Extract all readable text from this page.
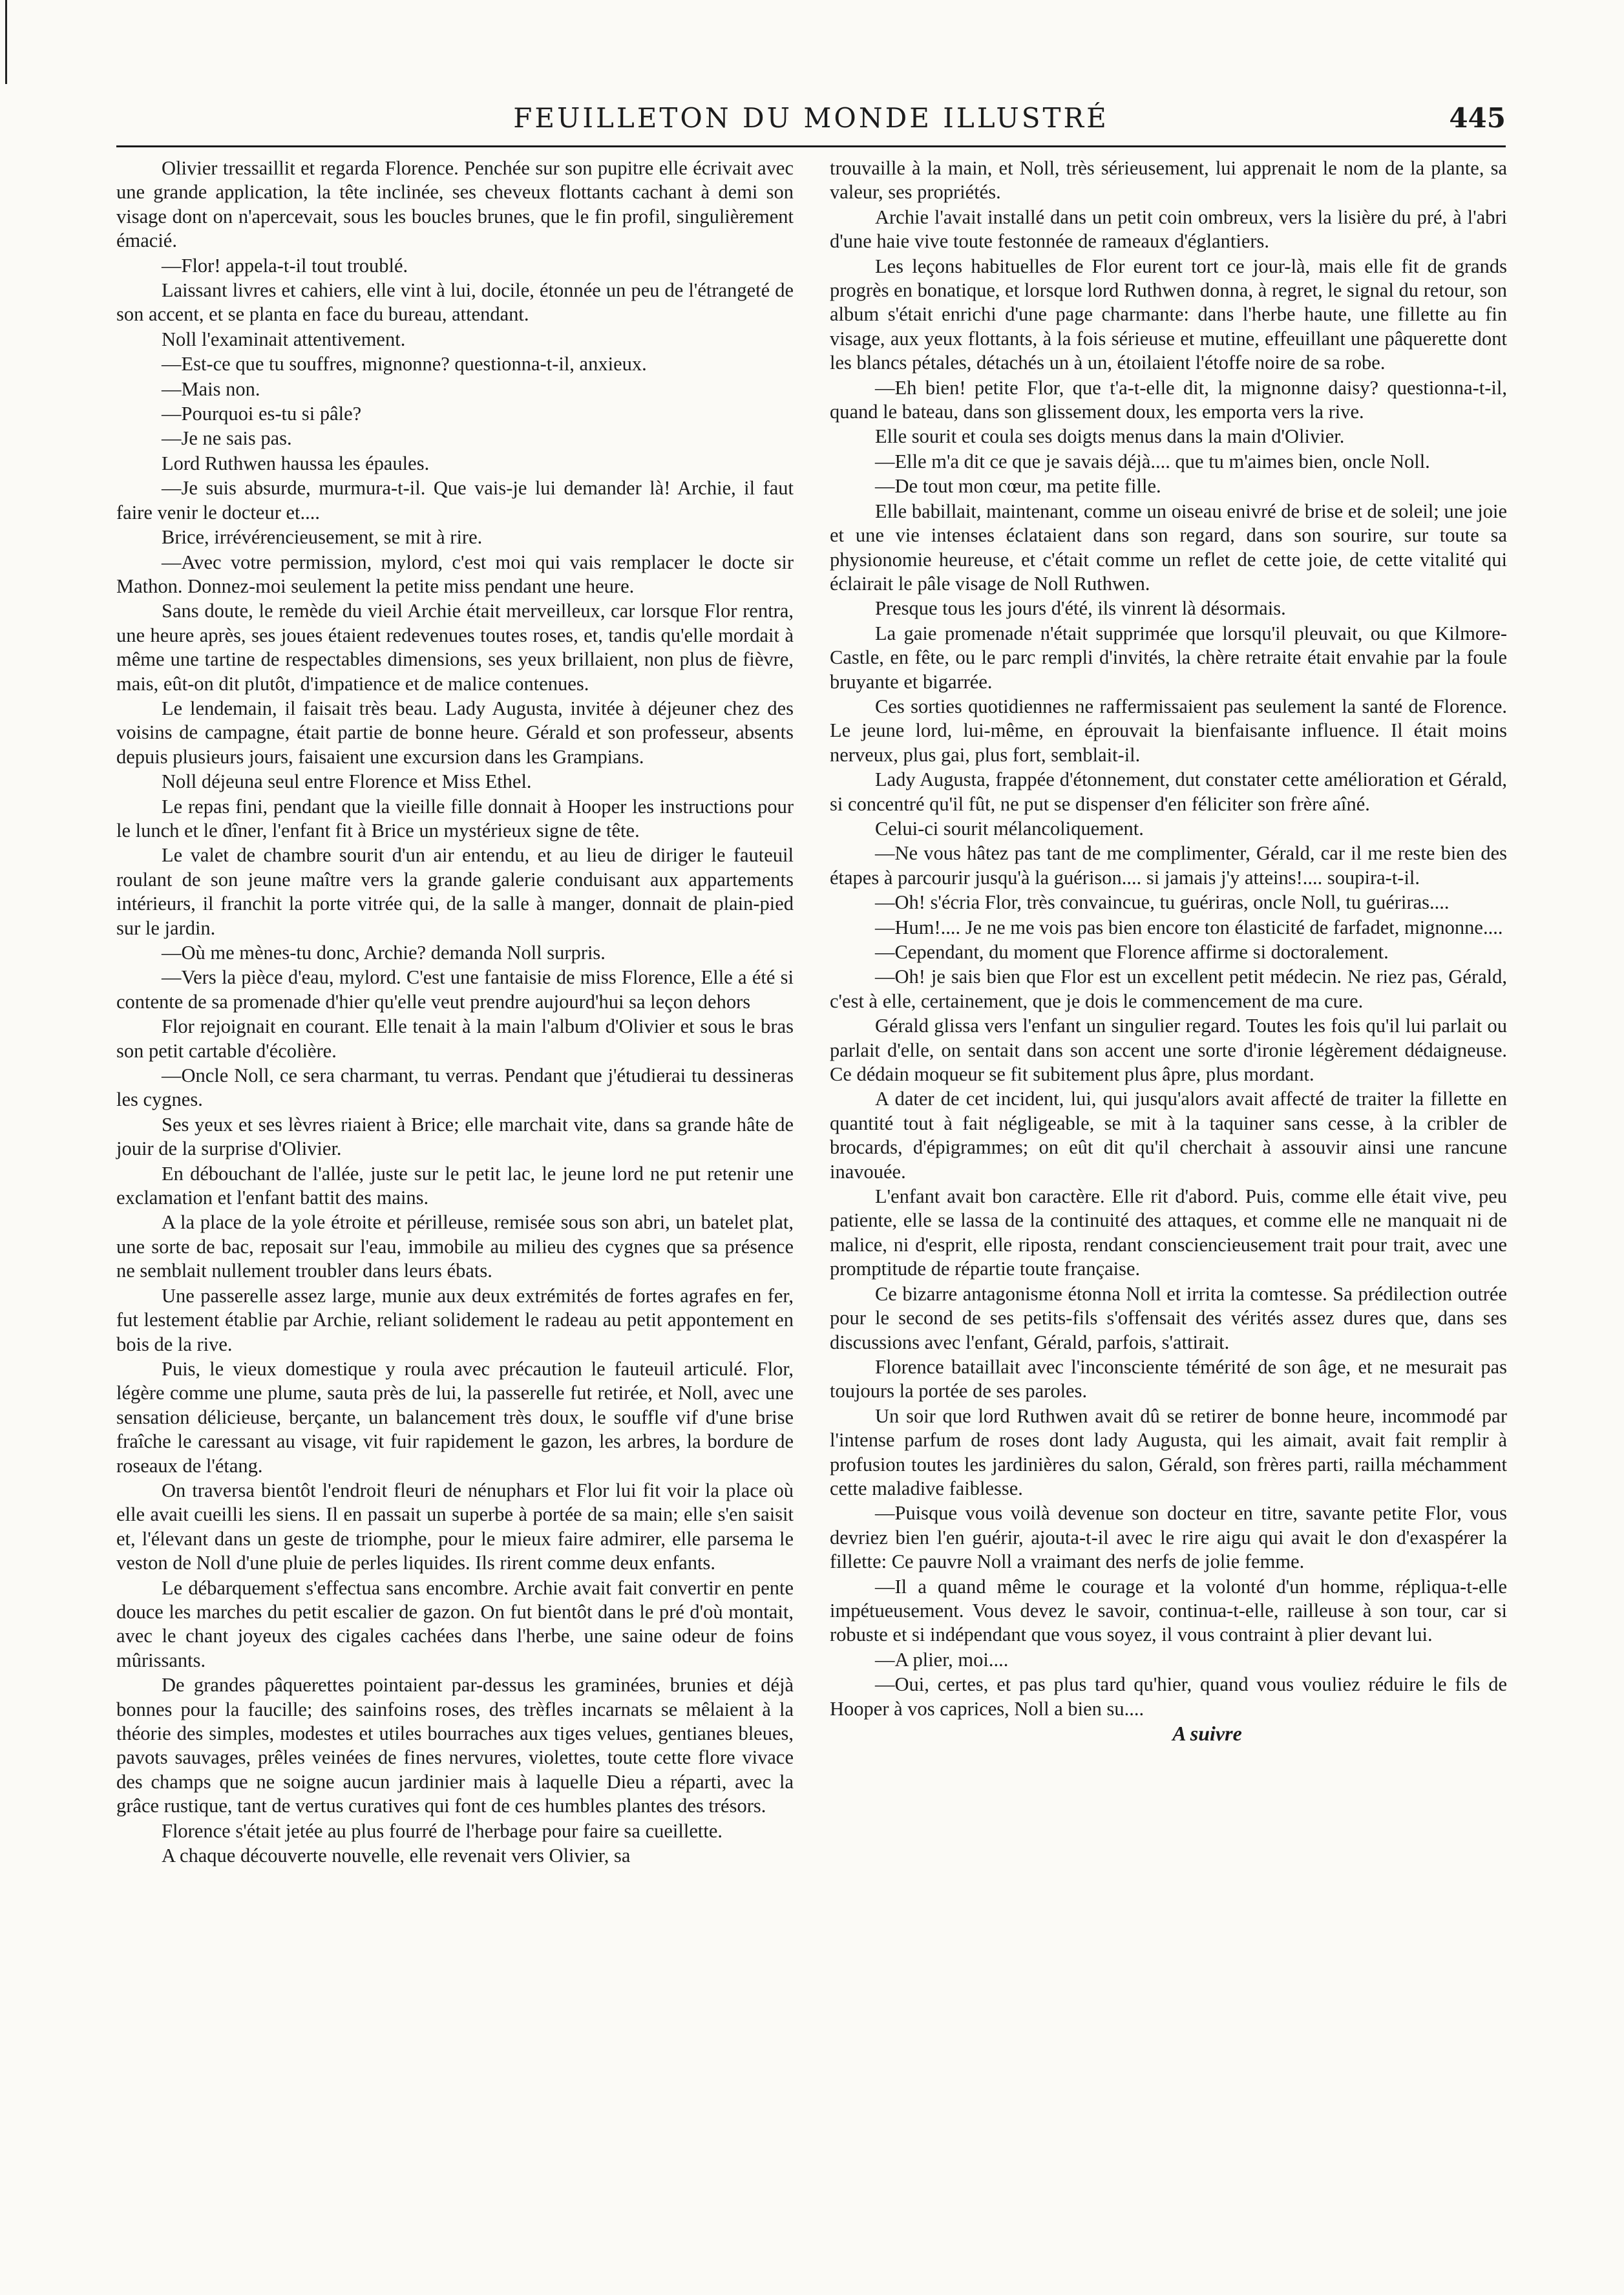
FEUILLETON DU MONDE ILLUSTRÉ	445

Olivier tressaillit et regarda Florence. Penchée sur son pupitre elle écrivait avec une grande application, la tête inclinée, ses cheveux flottants cachant à demi son visage dont on n'apercevait, sous les boucles brunes, que le fin profil, singulièrement émacié.

—Flor! appela-t-il tout troublé.

Laissant livres et cahiers, elle vint à lui, docile, étonnée un peu de l'étrangeté de son accent, et se planta en face du bureau, attendant.

Noll l'examinait attentivement.

—Est-ce que tu souffres, mignonne? questionna-t-il, anxieux.

—Mais non.

—Pourquoi es-tu si pâle?

—Je ne sais pas.

Lord Ruthwen haussa les épaules.

—Je suis absurde, murmura-t-il. Que vais-je lui demander là! Archie, il faut faire venir le docteur et....

Brice, irrévérencieusement, se mit à rire.

—Avec votre permission, mylord, c'est moi qui vais remplacer le docte sir Mathon. Donnez-moi seulement la petite miss pendant une heure.

Sans doute, le remède du vieil Archie était merveilleux, car lorsque Flor rentra, une heure après, ses joues étaient redevenues toutes roses, et, tandis qu'elle mordait à même une tartine de respectables dimensions, ses yeux brillaient, non plus de fièvre, mais, eût-on dit plutôt, d'impatience et de malice contenues.

Le lendemain, il faisait très beau. Lady Augusta, invitée à déjeuner chez des voisins de campagne, était partie de bonne heure. Gérald et son professeur, absents depuis plusieurs jours, faisaient une excursion dans les Grampians.

Noll déjeuna seul entre Florence et Miss Ethel.

Le repas fini, pendant que la vieille fille donnait à Hooper les instructions pour le lunch et le dîner, l'enfant fit à Brice un mystérieux signe de tête.

Le valet de chambre sourit d'un air entendu, et au lieu de diriger le fauteuil roulant de son jeune maître vers la grande galerie conduisant aux appartements intérieurs, il franchit la porte vitrée qui, de la salle à manger, donnait de plain-pied sur le jardin.

—Où me mènes-tu donc, Archie? demanda Noll surpris.

—Vers la pièce d'eau, mylord. C'est une fantaisie de miss Florence, Elle a été si contente de sa promenade d'hier qu'elle veut prendre aujourd'hui sa leçon dehors

Flor rejoignait en courant. Elle tenait à la main l'album d'Olivier et sous le bras son petit cartable d'écolière.

—Oncle Noll, ce sera charmant, tu verras. Pendant que j'étudierai tu dessineras les cygnes.

Ses yeux et ses lèvres riaient à Brice; elle marchait vite, dans sa grande hâte de jouir de la surprise d'Olivier.

En débouchant de l'allée, juste sur le petit lac, le jeune lord ne put retenir une exclamation et l'enfant battit des mains.

A la place de la yole étroite et périlleuse, remisée sous son abri, un batelet plat, une sorte de bac, reposait sur l'eau, immobile au milieu des cygnes que sa présence ne semblait nullement troubler dans leurs ébats.

Une passerelle assez large, munie aux deux extrémités de fortes agrafes en fer, fut lestement établie par Archie, reliant solidement le radeau au petit appontement en bois de la rive.

Puis, le vieux domestique y roula avec précaution le fauteuil articulé. Flor, légère comme une plume, sauta près de lui, la passerelle fut retirée, et Noll, avec une sensation délicieuse, berçante, un balancement très doux, le souffle vif d'une brise fraîche le caressant au visage, vit fuir rapidement le gazon, les arbres, la bordure de roseaux de l'étang.

On traversa bientôt l'endroit fleuri de nénuphars et Flor lui fit voir la place où elle avait cueilli les siens. Il en passait un superbe à portée de sa main; elle s'en saisit et, l'élevant dans un geste de triomphe, pour le mieux faire admirer, elle parsema le veston de Noll d'une pluie de perles liquides. Ils rirent comme deux enfants.

Le débarquement s'effectua sans encombre. Archie avait fait convertir en pente douce les marches du petit escalier de gazon. On fut bientôt dans le pré d'où montait, avec le chant joyeux des cigales cachées dans l'herbe, une saine odeur de foins mûrissants.

De grandes pâquerettes pointaient par-dessus les graminées, brunies et déjà bonnes pour la faucille; des sainfoins roses, des trèfles incarnats se mêlaient à la théorie des simples, modestes et utiles bourraches aux tiges velues, gentianes bleues, pavots sauvages, prêles veinées de fines nervures, violettes, toute cette flore vivace des champs que ne soigne aucun jardinier mais à laquelle Dieu a réparti, avec la grâce rustique, tant de vertus curatives qui font de ces humbles plantes des trésors.

Florence s'était jetée au plus fourré de l'herbage pour faire sa cueillette.

A chaque découverte nouvelle, elle revenait vers Olivier, sa

trouvaille à la main, et Noll, très sérieusement, lui apprenait le nom de la plante, sa valeur, ses propriétés.

Archie l'avait installé dans un petit coin ombreux, vers la lisière du pré, à l'abri d'une haie vive toute festonnée de rameaux d'églantiers.

Les leçons habituelles de Flor eurent tort ce jour-là, mais elle fit de grands progrès en bonatique, et lorsque lord Ruthwen donna, à regret, le signal du retour, son album s'était enrichi d'une page charmante: dans l'herbe haute, une fillette au fin visage, aux yeux flottants, à la fois sérieuse et mutine, effeuillant une pâquerette dont les blancs pétales, détachés un à un, étoilaient l'étoffe noire de sa robe.

—Eh bien! petite Flor, que t'a-t-elle dit, la mignonne daisy? questionna-t-il, quand le bateau, dans son glissement doux, les emporta vers la rive.

Elle sourit et coula ses doigts menus dans la main d'Olivier.

—Elle m'a dit ce que je savais déjà.... que tu m'aimes bien, oncle Noll.

—De tout mon cœur, ma petite fille.

Elle babillait, maintenant, comme un oiseau enivré de brise et de soleil; une joie et une vie intenses éclataient dans son regard, dans son sourire, sur toute sa physionomie heureuse, et c'était comme un reflet de cette joie, de cette vitalité qui éclairait le pâle visage de Noll Ruthwen.

Presque tous les jours d'été, ils vinrent là désormais.

La gaie promenade n'était supprimée que lorsqu'il pleuvait, ou que Kilmore-Castle, en fête, ou le parc rempli d'invités, la chère retraite était envahie par la foule bruyante et bigarrée.

Ces sorties quotidiennes ne raffermissaient pas seulement la santé de Florence. Le jeune lord, lui-même, en éprouvait la bienfaisante influence. Il était moins nerveux, plus gai, plus fort, semblait-il.

Lady Augusta, frappée d'étonnement, dut constater cette amélioration et Gérald, si concentré qu'il fût, ne put se dispenser d'en féliciter son frère aîné.

Celui-ci sourit mélancoliquement.

—Ne vous hâtez pas tant de me complimenter, Gérald, car il me reste bien des étapes à parcourir jusqu'à la guérison.... si jamais j'y atteins!.... soupira-t-il.

—Oh! s'écria Flor, très convaincue, tu guériras, oncle Noll, tu guériras....

—Hum!.... Je ne me vois pas bien encore ton élasticité de farfadet, mignonne....

—Cependant, du moment que Florence affirme si doctoralement.

—Oh! je sais bien que Flor est un excellent petit médecin. Ne riez pas, Gérald, c'est à elle, certainement, que je dois le commencement de ma cure.

Gérald glissa vers l'enfant un singulier regard. Toutes les fois qu'il lui parlait ou parlait d'elle, on sentait dans son accent une sorte d'ironie légèrement dédaigneuse. Ce dédain moqueur se fit subitement plus âpre, plus mordant.

A dater de cet incident, lui, qui jusqu'alors avait affecté de traiter la fillette en quantité tout à fait négligeable, se mit à la taquiner sans cesse, à la cribler de brocards, d'épigrammes; on eût dit qu'il cherchait à assouvir ainsi une rancune inavouée.

L'enfant avait bon caractère. Elle rit d'abord. Puis, comme elle était vive, peu patiente, elle se lassa de la continuité des attaques, et comme elle ne manquait ni de malice, ni d'esprit, elle riposta, rendant consciencieusement trait pour trait, avec une promptitude de répartie toute française.

Ce bizarre antagonisme étonna Noll et irrita la comtesse. Sa prédilection outrée pour le second de ses petits-fils s'offensait des vérités assez dures que, dans ses discussions avec l'enfant, Gérald, parfois, s'attirait.

Florence bataillait avec l'inconsciente témérité de son âge, et ne mesurait pas toujours la portée de ses paroles.

Un soir que lord Ruthwen avait dû se retirer de bonne heure, incommodé par l'intense parfum de roses dont lady Augusta, qui les aimait, avait fait remplir à profusion toutes les jardinières du salon, Gérald, son frères parti, railla méchamment cette maladive faiblesse.

—Puisque vous voilà devenue son docteur en titre, savante petite Flor, vous devriez bien l'en guérir, ajouta-t-il avec le rire aigu qui avait le don d'exaspérer la fillette: Ce pauvre Noll a vraimant des nerfs de jolie femme.

—Il a quand même le courage et la volonté d'un homme, répliqua-t-elle impétueusement. Vous devez le savoir, continua-t-elle, railleuse à son tour, car si robuste et si indépendant que vous soyez, il vous contraint à plier devant lui.

—A plier, moi....

—Oui, certes, et pas plus tard qu'hier, quand vous vouliez réduire le fils de Hooper à vos caprices, Noll a bien su....

A suivre
